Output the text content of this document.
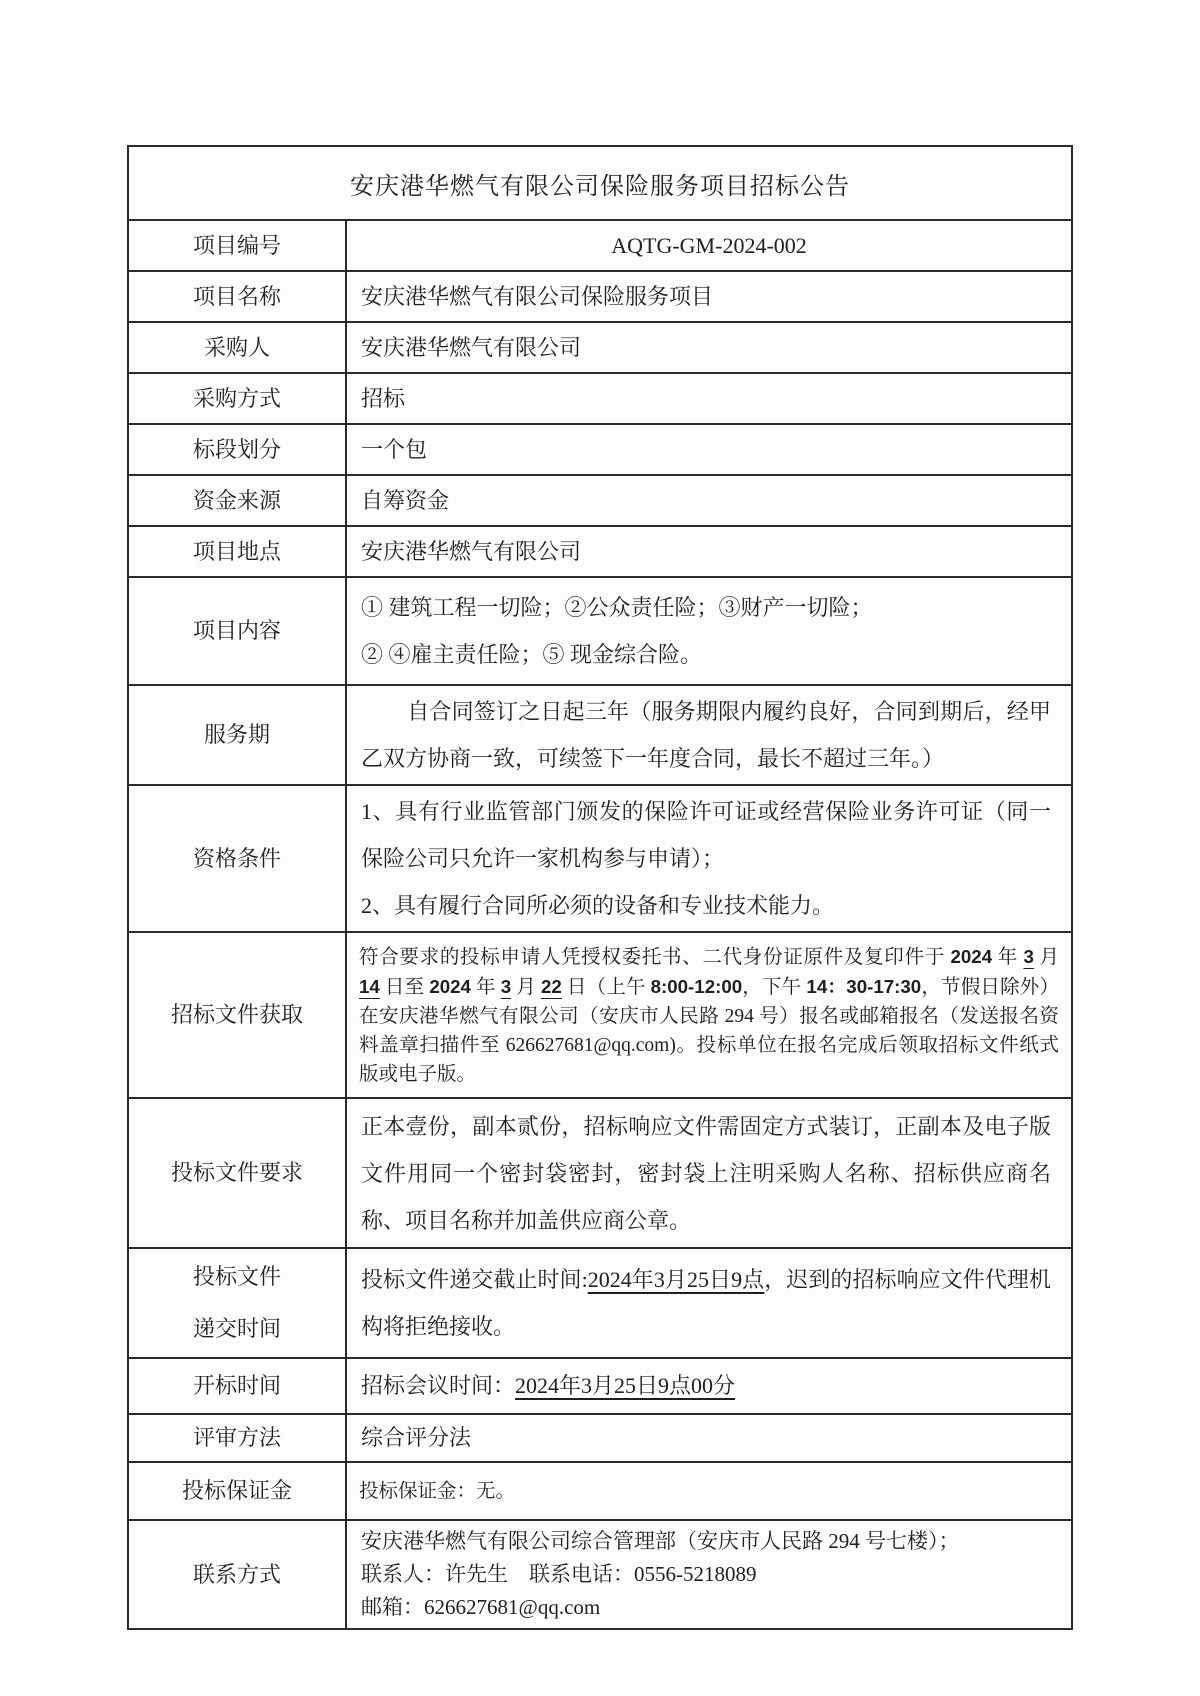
安庆港华燃气有限公司保险服务项目招标公告	

项目编号	AQTG-GM-2024-002

项目名称	安庆港华燃气有限公司保险服务项目

采购人	安庆港华燃气有限公司

采购方式	招标

标段划分	一个包

资金来源	自筹资金

项目地点	安庆港华燃气有限公司

项目内容	① 建筑工程一切险；②公众责任险；③财产一切险；

② ④雇主责任险；⑤ 现金综合险。

服务期	自合同签订之日起三年（服务期限内履约良好，合同到期后，经甲乙双方协商一致，可续签下一年度合同，最长不超过三年。）

资格条件	1、具有行业监管部门颁发的保险许可证或经营保险业务许可证（同一保险公司只允许一家机构参与申请）；

2、具有履行合同所必须的设备和专业技术能力。

招标文件获取	符合要求的投标申请人凭授权委托书、二代身份证原件及复印件于 2024 年 3 月 14 日至 2024 年 3 月 22 日（上午 8:00-12:00，下午 14：30-17:30，节假日除外）在安庆港华燃气有限公司（安庆市人民路 294 号）报名或邮箱报名（发送报名资料盖章扫描件至 626627681@qq.com)。投标单位在报名完成后领取招标文件纸式版或电子版。

投标文件要求	正本壹份，副本贰份，招标响应文件需固定方式装订，正副本及电子版文件用同一个密封袋密封，密封袋上注明采购人名称、招标供应商名称、项目名称并加盖供应商公章。

投标文件
递交时间	投标文件递交截止时间:2024年3月25日9点，迟到的招标响应文件代理机构将拒绝接收。

开标时间	招标会议时间：2024年3月25日9点00分

评审方法	综合评分法

投标保证金	投标保证金：无。

联系方式	安庆港华燃气有限公司综合管理部（安庆市人民路 294 号七楼）；

联系人：许先生　联系电话：0556-5218089

邮箱：626627681@qq.com
